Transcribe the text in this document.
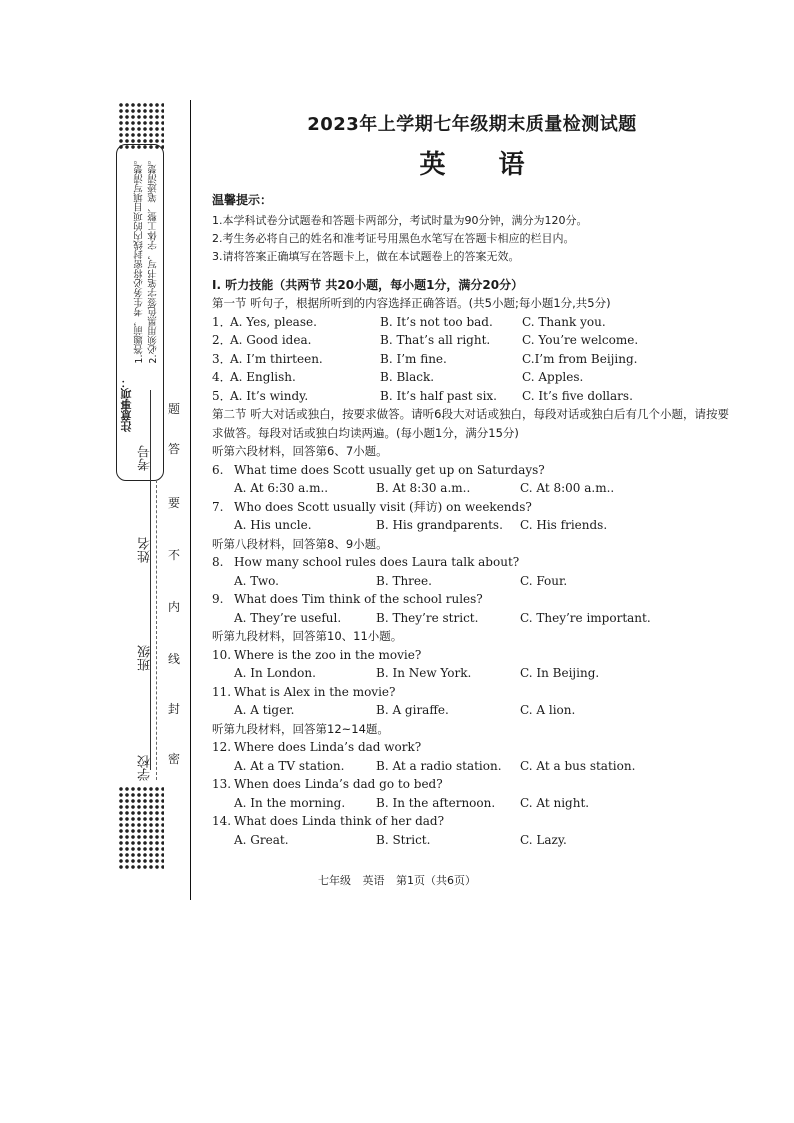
注意事项：
1.答题前，考生务必将密封线内的项目填写清楚。 2.必须用黑色签字笔书写，字体工整、笔迹清楚。
题
答
要
不
内
线
封
密
考号
姓名
班级
学校
2023年上学期七年级期末质量检测试题
英 语
温馨提示：
1.本学科试卷分试题卷和答题卡两部分，考试时量为90分钟，满分为120分。
2.考生务必将自己的姓名和准考证号用黑色水笔写在答题卡相应的栏目内。
3.请将答案正确填写在答题卡上，做在本试题卷上的答案无效。
Ⅰ. 听力技能（共两节 共20小题，每小题1分，满分20分）
第一节 听句子，根据所听到的内容选择正确答语。(共5小题;每小题1分,共5分)
1．
A. Yes, please.	B. It’s not too bad.	C. Thank you.
2．
A. Good idea.	B. That’s all right.	C. You’re welcome.
3．
A. I’m thirteen.	B. I’m fine.	C.I’m from Beijing.
4．
A. English.	B. Black.	C. Apples.
5．
A. It’s windy.	B. It’s half past six.	C. It’s five dollars.
第二节 听大对话或独白，按要求做答。请听6段大对话或独白，每段对话或独白后有几个小题，请按要求做答。每段对话或独白均读两遍。(每小题1分，满分15分)
听第六段材料，回答第6、7小题。
6. What time does Scott usually get up on Saturdays?
A. At 6:30 a.m..	B. At 8:30 a.m..	C. At 8:00 a.m..
7. Who does Scott usually visit (拜访) on weekends?
A. His uncle.	B. His grandparents.	C. His friends.
听第八段材料，回答第8、9小题。
8. How many school rules does Laura talk about?
A. Two.	B. Three.	C. Four.
9. What does Tim think of the school rules?
A. They’re useful.	B. They’re strict.	C. They’re important.
听第九段材料，回答第10、11小题。
10. Where is the zoo in the movie?
A. In London.	B. In New York.	C. In Beijing.
11. What is Alex in the movie?
A. A tiger.	B. A giraffe.	C. A lion.
听第九段材料，回答第12~14题。
12. Where does Linda’s dad work?
A. At a TV station.	B. At a radio station.	C. At a bus station.
13. When does Linda’s dad go to bed?
A. In the morning.	B. In the afternoon.	C. At night.
14. What does Linda think of her dad?
A. Great.	B. Strict.	C. Lazy.
七年级 英语 第1页（共6页）
